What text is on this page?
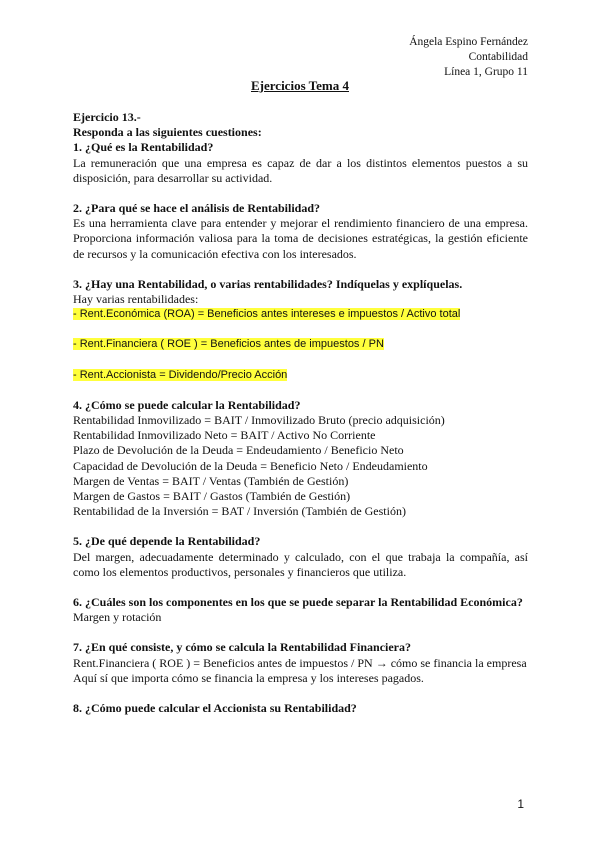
Ángela Espino Fernández
Contabilidad
Línea 1, Grupo 11
Ejercicios Tema 4

Ejercicio 13.-

Responda a las siguientes cuestiones:

1. ¿Qué es la Rentabilidad?

La remuneración que una empresa es capaz de dar a los distintos elementos puestos a su disposición, para desarrollar su actividad.

2. ¿Para qué se hace el análisis de Rentabilidad?

Es una herramienta clave para entender y mejorar el rendimiento financiero de una empresa. Proporciona información valiosa para la toma de decisiones estratégicas, la gestión eficiente de recursos y la comunicación efectiva con los interesados.

3. ¿Hay una Rentabilidad, o varias rentabilidades? Indíquelas y explíquelas.

Hay varias rentabilidades:

- Rent.Económica (ROA) = Beneficios antes intereses e impuestos / Activo total

- Rent.Financiera ( ROE ) = Beneficios antes de impuestos / PN

- Rent.Accionista = Dividendo/Precio Acción

4. ¿Cómo se puede calcular la Rentabilidad?

Rentabilidad Inmovilizado = BAIT / Inmovilizado Bruto (precio adquisición)

Rentabilidad Inmovilizado Neto = BAIT / Activo No Corriente

Plazo de Devolución de la Deuda = Endeudamiento / Beneficio Neto

Capacidad de Devolución de la Deuda = Beneficio Neto / Endeudamiento

Margen de Ventas = BAIT / Ventas (También de Gestión)

Margen de Gastos = BAIT / Gastos (También de Gestión)

Rentabilidad de la Inversión = BAT / Inversión (También de Gestión)

5. ¿De qué depende la Rentabilidad?

Del margen, adecuadamente determinado y calculado, con el que trabaja la compañía, así como los elementos productivos, personales y financieros que utiliza.

6. ¿Cuáles son los componentes en los que se puede separar la Rentabilidad Económica?

Margen y rotación

7. ¿En qué consiste, y cómo se calcula la Rentabilidad Financiera?

Rent.Financiera ( ROE ) = Beneficios antes de impuestos / PN → cómo se financia la empresa

Aquí sí que importa cómo se financia la empresa y los intereses pagados.

8. ¿Cómo puede calcular el Accionista su Rentabilidad?

1
